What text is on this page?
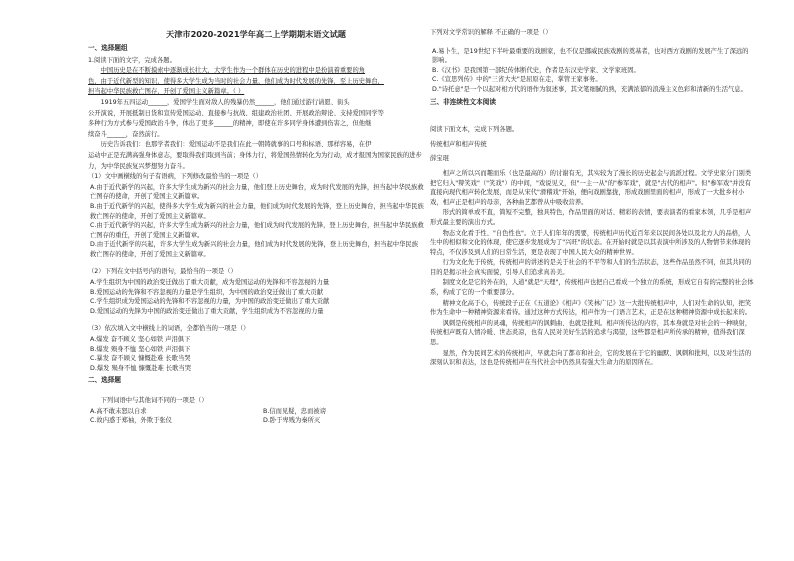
天津市2020-2021学年高二上学期期末语文试题
一、选择题组
1.阅读下面的文字，完成各题。
中国历史是在不断摸索中逐渐成长壮大，大学生作为一个群体在历史的进程中是扮演着重要的角
色，由于近代新型的知识，使得多大学生成为当时的社会力量，他们成为时代发展的先锋，至上历史舞台，
担当起中华民族救亡图存，开创了爱国主义新篇章。（ ）
1919年五四运动______，爱国学生面对敌人的残暴仍然______，他们通过游行请愿、街头
公开演说，开展抵制日货和宣传爱国运动、直接参与抗战、组建政治社团、开展政治辩论、支持爱国同学等
多种行为方式参与爱国政治斗争，体出了更多______的精神，即使在许多同学身体遭到伤害之，但他继
续奋斗______，奋然前行。
历史告诉我们：也那学者我们：爱国运动不是我们在此一朝铸就事的口号和标语、那样容易，在伊
运动中正是充满高强身体意志，要取得我们取到当前；身体力行，将爱国热情转化为为行动，成才报国为国家民族的进步
力，为中华民族复兴梦想努力奋斗。
（1）文中画横线的句子有语病，下列修改最恰当的一项是（）
A.由于近代新学的兴起，许多大学生成为新兴的社会力量，他们登上历史舞台，成为时代发展的先锋，担当起中华民族救亡图存的使命，开创了爱国主义新篇章。
B.由于近代新学的兴起，使得多大学生成为新兴的社会力量，他们成为时代发展的先锋，登上历史舞台，担当起中华民族救亡图存的使命，开创了爱国主义新篇章。
C.由于近代新学的兴起，许多大学生成为新兴的社会力量，他们成为时代发展的先锋，登上历史舞台，担当起中华民族救亡图存的重任，开创了爱国主义新篇章。
D.由于近代新学的兴起，许多大学生成为新兴的社会力量，他们成为时代发展的先锋，登上历史舞台，担当起中华民族救亡图存的使命，开创了爱国主义新篇章。
（2）下列在文中括号内的语句，最恰当的一项是（）
A.学生组织为中国的政治变迁做出了重大贡献，成为爱国运动的先锋和不容忽视的力量
B.爱国运动的先锋和不容忽视的力量是学生组织，为中国的政治变迁做出了重大贡献
C.学生组织成为爱国运动的先锋和不容忽视的力量，为中国的政治变迁做出了重大贡献
D.爱国运动的先锋为中国的政治变迁做出了重大贡献，学生组织成为不容忽视的力量
（3）依次填入文中横线上的词语，全都恰当的一项是（）
A.爆发 奋不顾义 坚心如铁 声泪俱下
B.爆发 殒身不恤 坚心如铁 声泪俱下
C.暴发 奋不顾义 慷慨赴难 长歌当哭
D.爆发 殒身不恤 慷慨赴难 长歌当哭
二、选择题
下列词语中与其他词不同的一项是（）
A.高不敢未怒以自求	B.信而见疑，忠而被谤
C.故内惑于郑袖，外欺于张仪	D.卧于卑贱为秦所灭
下列对文学常识的解释 不正确的一项是（）
A.易卜生，是19世纪下半叶最重要的戏剧家，也不仅是挪威民族戏剧的奠基者，也对西方戏剧的发展产生了深远的影响。
B.《汉书》是我国第一部纪传体断代史，作者是东汉史学家、文学家班固。
C.《宣思列传》中的"三省大夫"是屈原在走，掌管王家事务。
D."诗托意"是一个以起对相方代的语作为叙述事，其文笔细腻的熟，充满浓郁的浪漫主义色彩和清新的生活气息。
三、非连续性文本阅读
阅读下面文本，完成下列各题。
传统相声和相声传统
薛宝琨
相声之所以兴而趣而乐（也是最高的）的讨谢有无，其实较为了漫长的历史起金与流派过程。文学史家分门别类把它归入"辩笑戏"（"笑戏"）的中间，"戏说见义，但"一主一从"的"参军戏"，就是"古代的相声"。但"参军戏"并没有直接向现代相声转化发展，而是从宋代"滑稽戏"开始，便向戏剧靠拢，形成戏剧里面的相声，形成了一大批乡村小戏，相声正是相声的母亲，各种曲艺都曾从中吸收营养。
形式的简单或不直，简短不完整，独具特色，作品里面的对话、精彩的表情，要表演者的看家本领，几乎是相声形式最主要的演出方式。
物态文化看于性、"自色性也"。立于人们年年的需要，传统相声历代近百年来以民间各处以及北方人的品格，人生中的相似和文化的体现，使它逐步发展成为了"兴旺"的状态。在开始时就是以其表演中所涉及的人物情节来体现的特点，不仅涉及到人们的日常生活，更是表现了中国人民大众的精神世界。
行为文化先于传统，传统相声的讲述的是关于社会的不平等和人们的生活状态，这些作品虽然不同，但其共同的目的是揭示社会真实面貌，引导人们追求真善美。
制度文化是它的外在的，人道"就是"天理"，传统相声也把自己看成一个独立的系统，形成它自有的完整的社会体系，构成了它的一个重要部分。
精神文化高于心，传统段子正在《五道论》《相声》《笑林广记》这一大批传统相声中，人们对生命的认知，把笑作为生命中一种精神资源来看待。通过这种方式传达，相声作为一门语言艺术，正是在这种精神资源中成长起来的。
讽刺是传统相声的灵魂，传统相声的讽刺曲、也就是批判。相声所传达的内容，其本身就是对社会的一种映射，传统相声既有人情冷暖、世态炎凉，也有人民对美好生活的追求与渴望，这些都是相声所传承的精神，值得我们深思。
显然，作为民间艺术的传统相声，早就走向了都市和社会，它的发展在于它的幽默、讽刺和批判，以及对生活的深刻认识和表达，这也是传统相声在当代社会中仍然具有强大生命力的原因所在。
